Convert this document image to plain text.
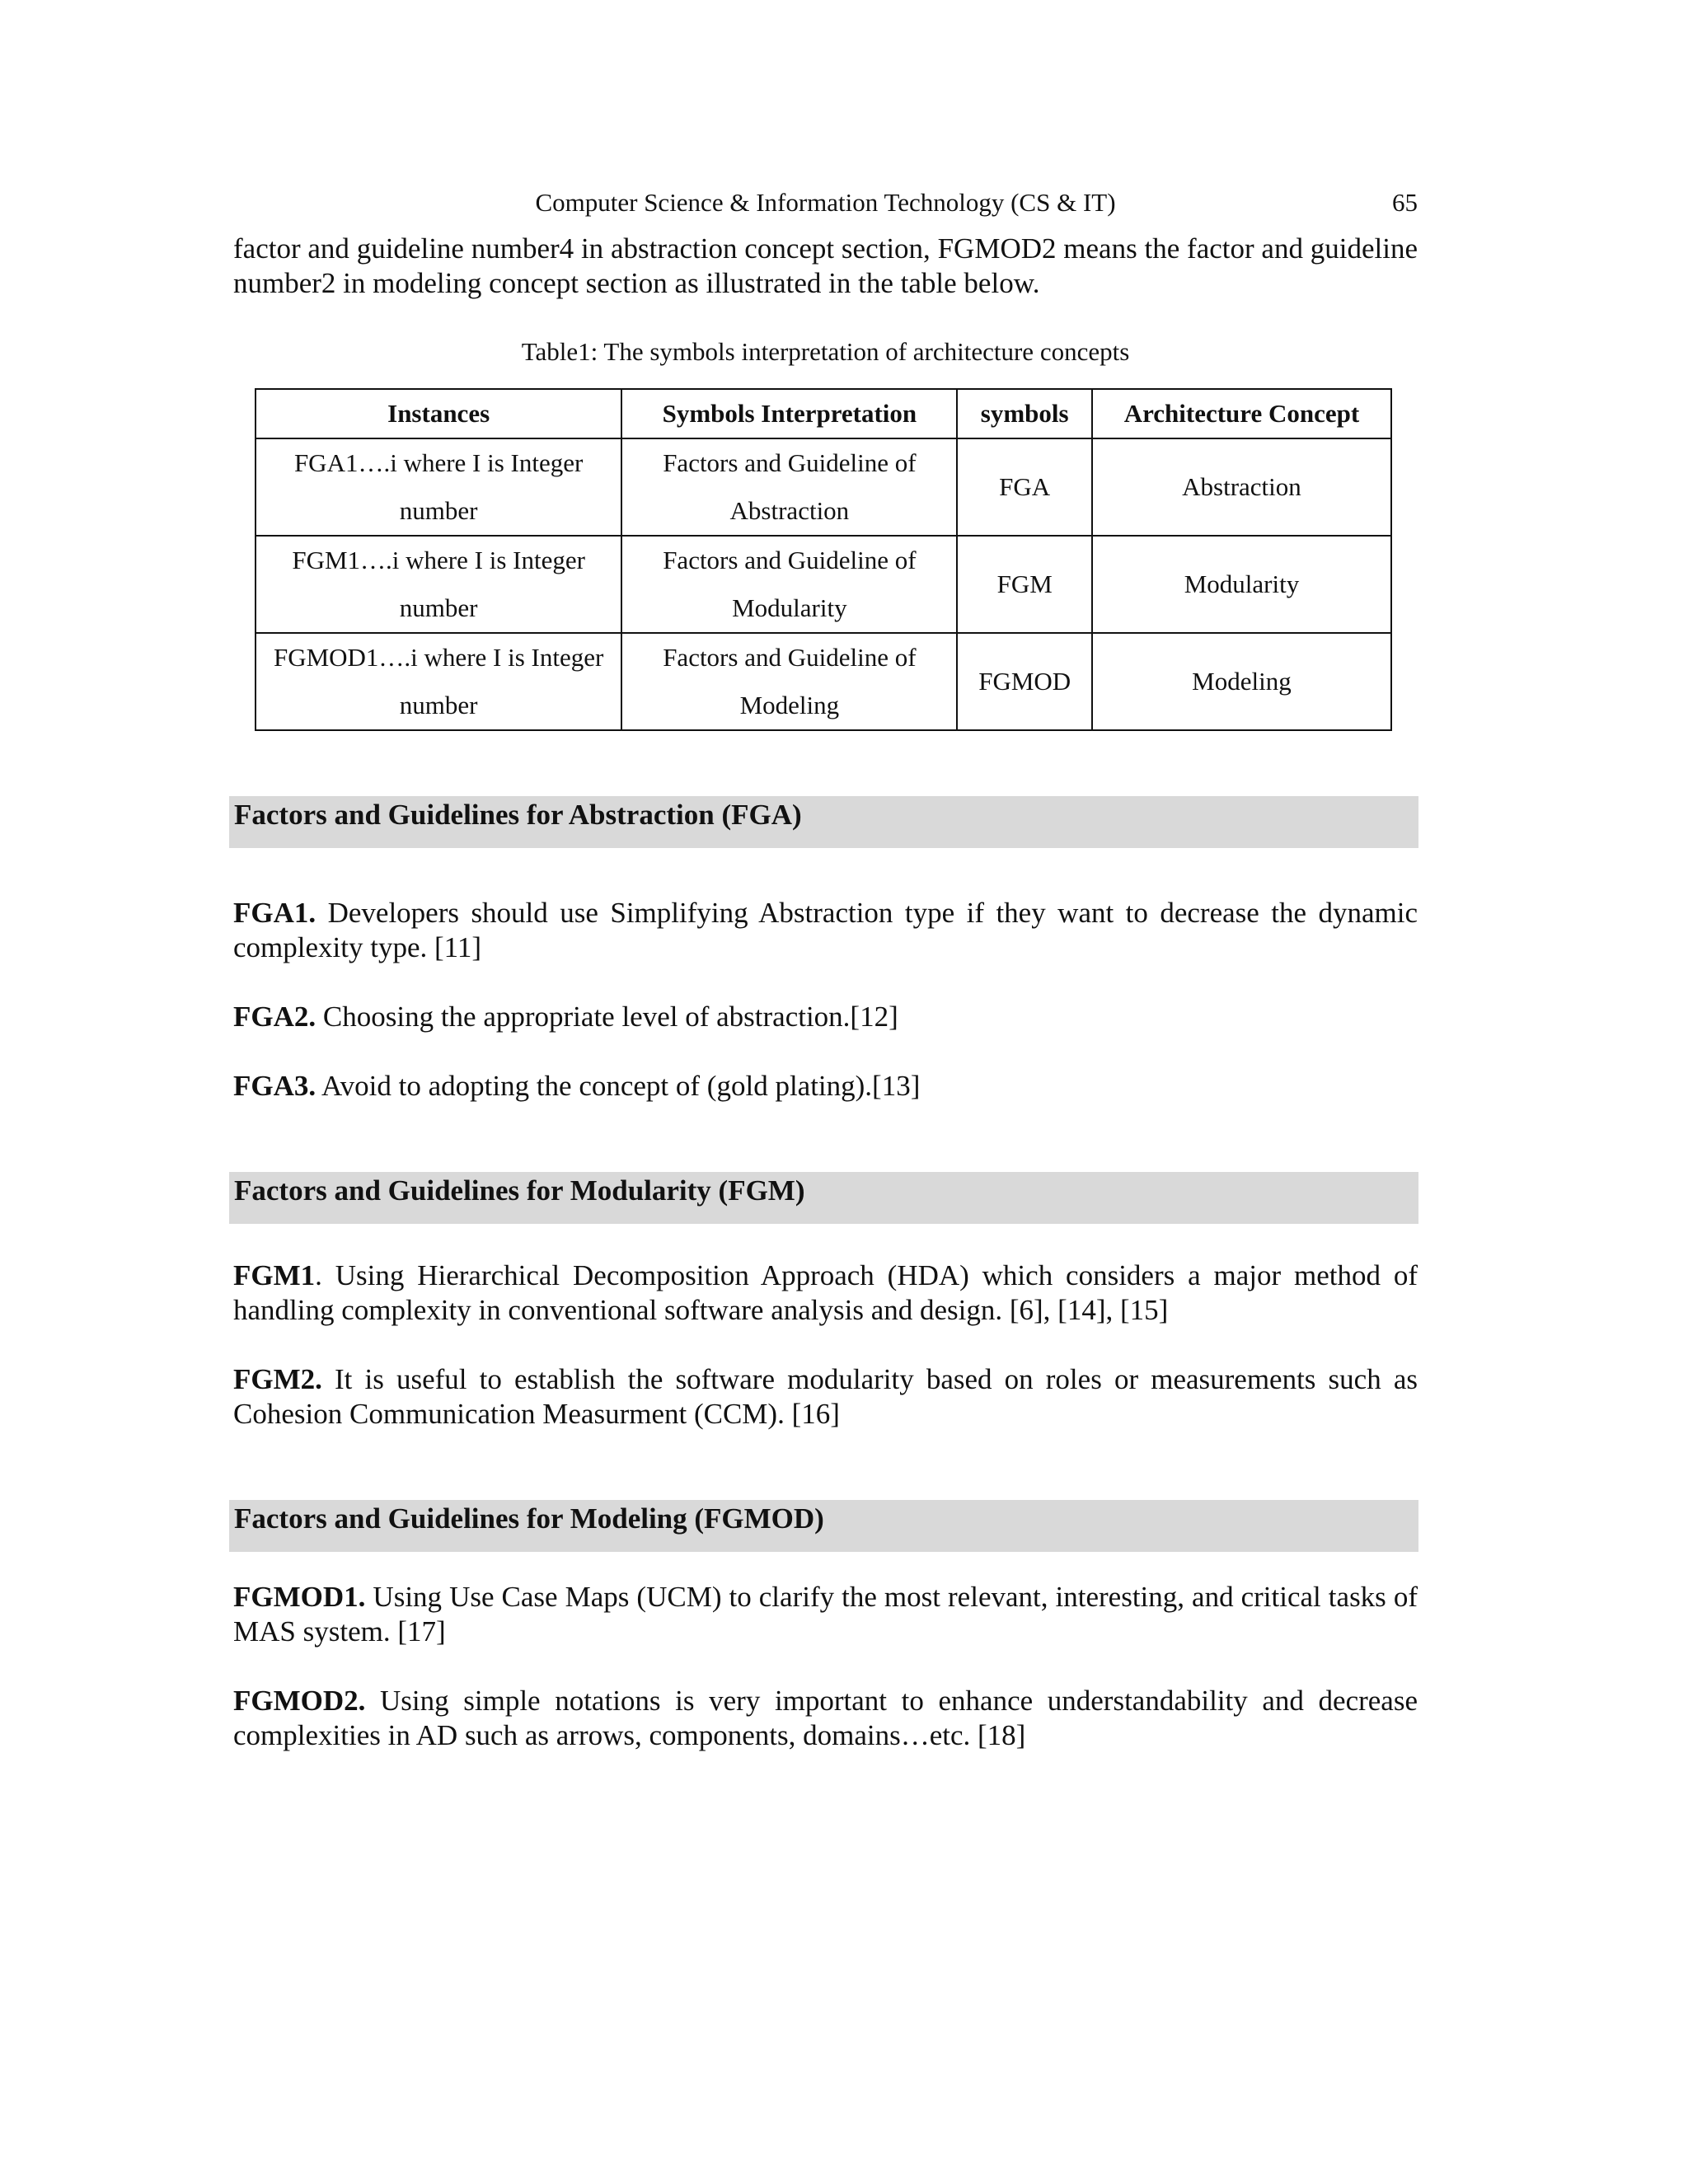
Computer Science & Information Technology (CS & IT)	65

factor and guideline number4 in abstraction concept section, FGMOD2 means the factor and guideline number2 in modeling concept section as illustrated in the table below.

Table1: The symbols interpretation of architecture concepts
Instances	Symbols Interpretation	symbols	Architecture Concept
FGA1….i where I is Integer number	Factors and Guideline of Abstraction	FGA	Abstraction
FGM1….i where I is Integer number	Factors and Guideline of Modularity	FGM	Modularity
FGMOD1….i where I is Integer number	Factors and Guideline of Modeling	FGMOD	Modeling
Factors and Guidelines for Abstraction (FGA)

FGA1. Developers should use Simplifying Abstraction type if they want to decrease the dynamic complexity type. [11]

FGA2. Choosing the appropriate level of abstraction.[12]

FGA3. Avoid to adopting the concept of (gold plating).[13]

Factors and Guidelines for Modularity (FGM)

FGM1. Using Hierarchical Decomposition Approach (HDA) which considers a major method of handling complexity in conventional software analysis and design. [6], [14], [15]

FGM2. It is useful to establish the software modularity based on roles or measurements such as Cohesion Communication Measurment (CCM). [16]

Factors and Guidelines for Modeling (FGMOD)

FGMOD1. Using Use Case Maps (UCM) to clarify the most relevant, interesting, and critical tasks of MAS system. [17]

FGMOD2. Using simple notations is very important to enhance understandability and decrease complexities in AD such as arrows, components, domains…etc. [18]
